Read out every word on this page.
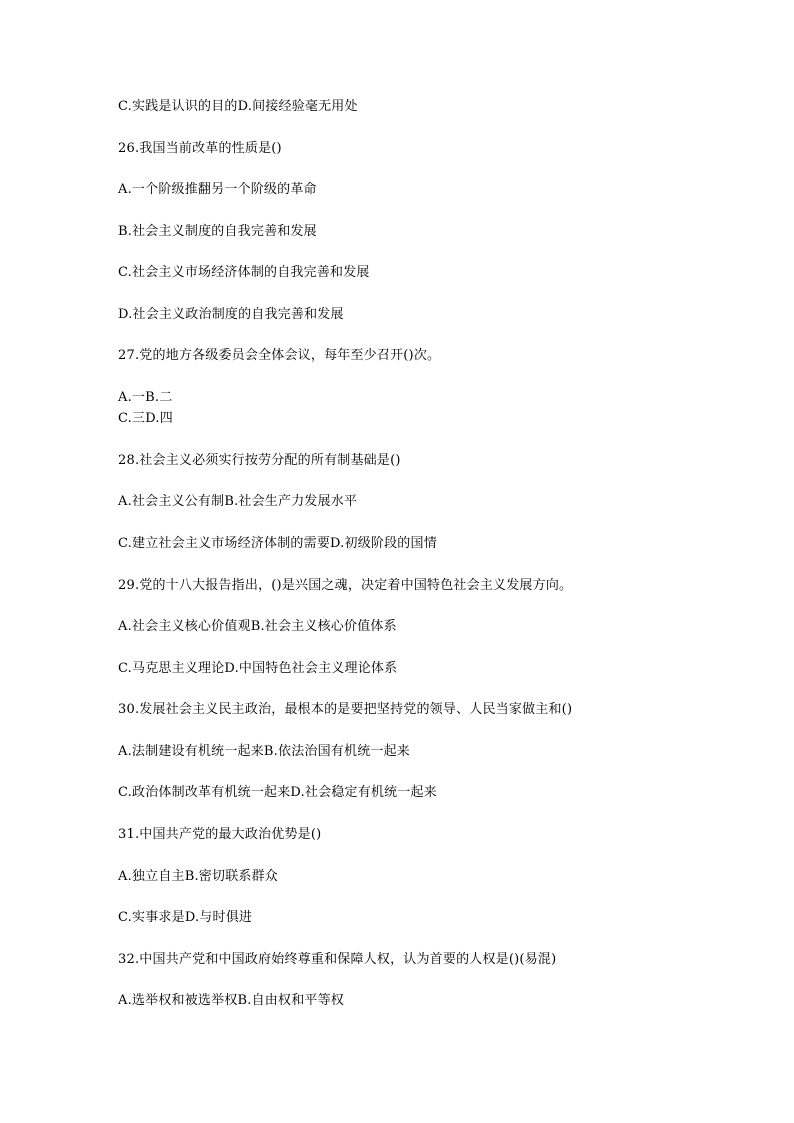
C.实践是认识的目的D.间接经验毫无用处
26.我国当前改革的性质是()
A.一个阶级推翻另一个阶级的革命
B.社会主义制度的自我完善和发展
C.社会主义市场经济体制的自我完善和发展
D.社会主义政治制度的自我完善和发展
27.党的地方各级委员会全体会议，每年至少召开()次。
A.一B.二
C.三D.四
28.社会主义必须实行按劳分配的所有制基础是()
A.社会主义公有制B.社会生产力发展水平
C.建立社会主义市场经济体制的需要D.初级阶段的国情
29.党的十八大报告指出，()是兴国之魂，决定着中国特色社会主义发展方向。
A.社会主义核心价值观B.社会主义核心价值体系
C.马克思主义理论D.中国特色社会主义理论体系
30.发展社会主义民主政治，最根本的是要把坚持党的领导、人民当家做主和()
A.法制建设有机统一起来B.依法治国有机统一起来
C.政治体制改革有机统一起来D.社会稳定有机统一起来
31.中国共产党的最大政治优势是()
A.独立自主B.密切联系群众
C.实事求是D.与时俱进
32.中国共产党和中国政府始终尊重和保障人权，认为首要的人权是()(易混)
A.选举权和被选举权B.自由权和平等权
